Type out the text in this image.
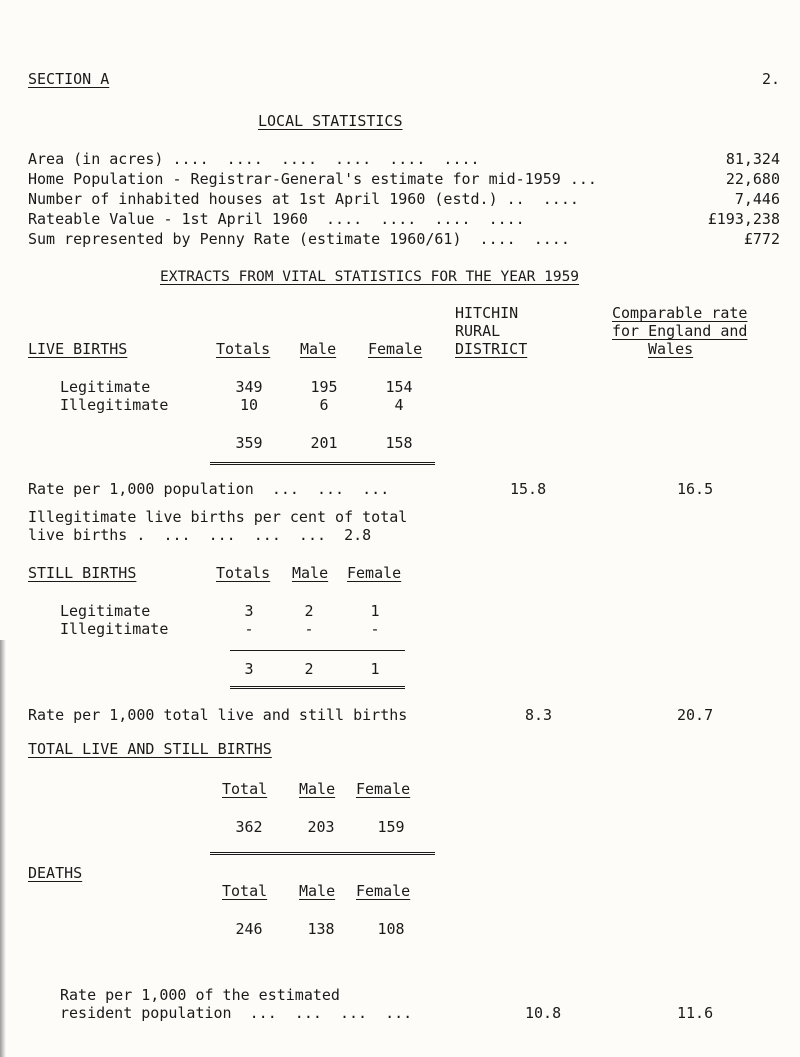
SECTION A	2.
LOCAL STATISTICS
Area (in acres) ....  ....  ....  ....  ....  ....	81,324
Home Population - Registrar-General's estimate for mid-1959 ...	22,680
Number of inhabited houses at 1st April 1960 (estd.) ..  ....	7,446
Rateable Value - 1st April 1960  ....  ....  ....  ....	£193,238
Sum represented by Penny Rate (estimate 1960/61)  ....  ....	£772
EXTRACTS FROM VITAL STATISTICS FOR THE YEAR 1959
HITCHIN
RURAL
DISTRICT
Comparable rate
for England and
Wales
LIVE BIRTHS	Totals Male Female
Legitimate	349	195	154
Illegitimate	10	6	4
359	201	158
Rate per 1,000 population  ...  ...  ...	15.8	16.5
Illegitimate live births per cent of total
live births .  ...  ...  ...  ...  2.8
STILL BIRTHS	Totals Male Female
Legitimate	3	2	1
Illegitimate	-	-	-
3	2	1
Rate per 1,000 total live and still births	8.3	20.7
TOTAL LIVE AND STILL BIRTHS
Total Male Female
362	203	159
DEATHS
Total Male Female
246	138	108
Rate per 1,000 of the estimated
resident population  ...  ...  ...  ...	10.8	11.6
